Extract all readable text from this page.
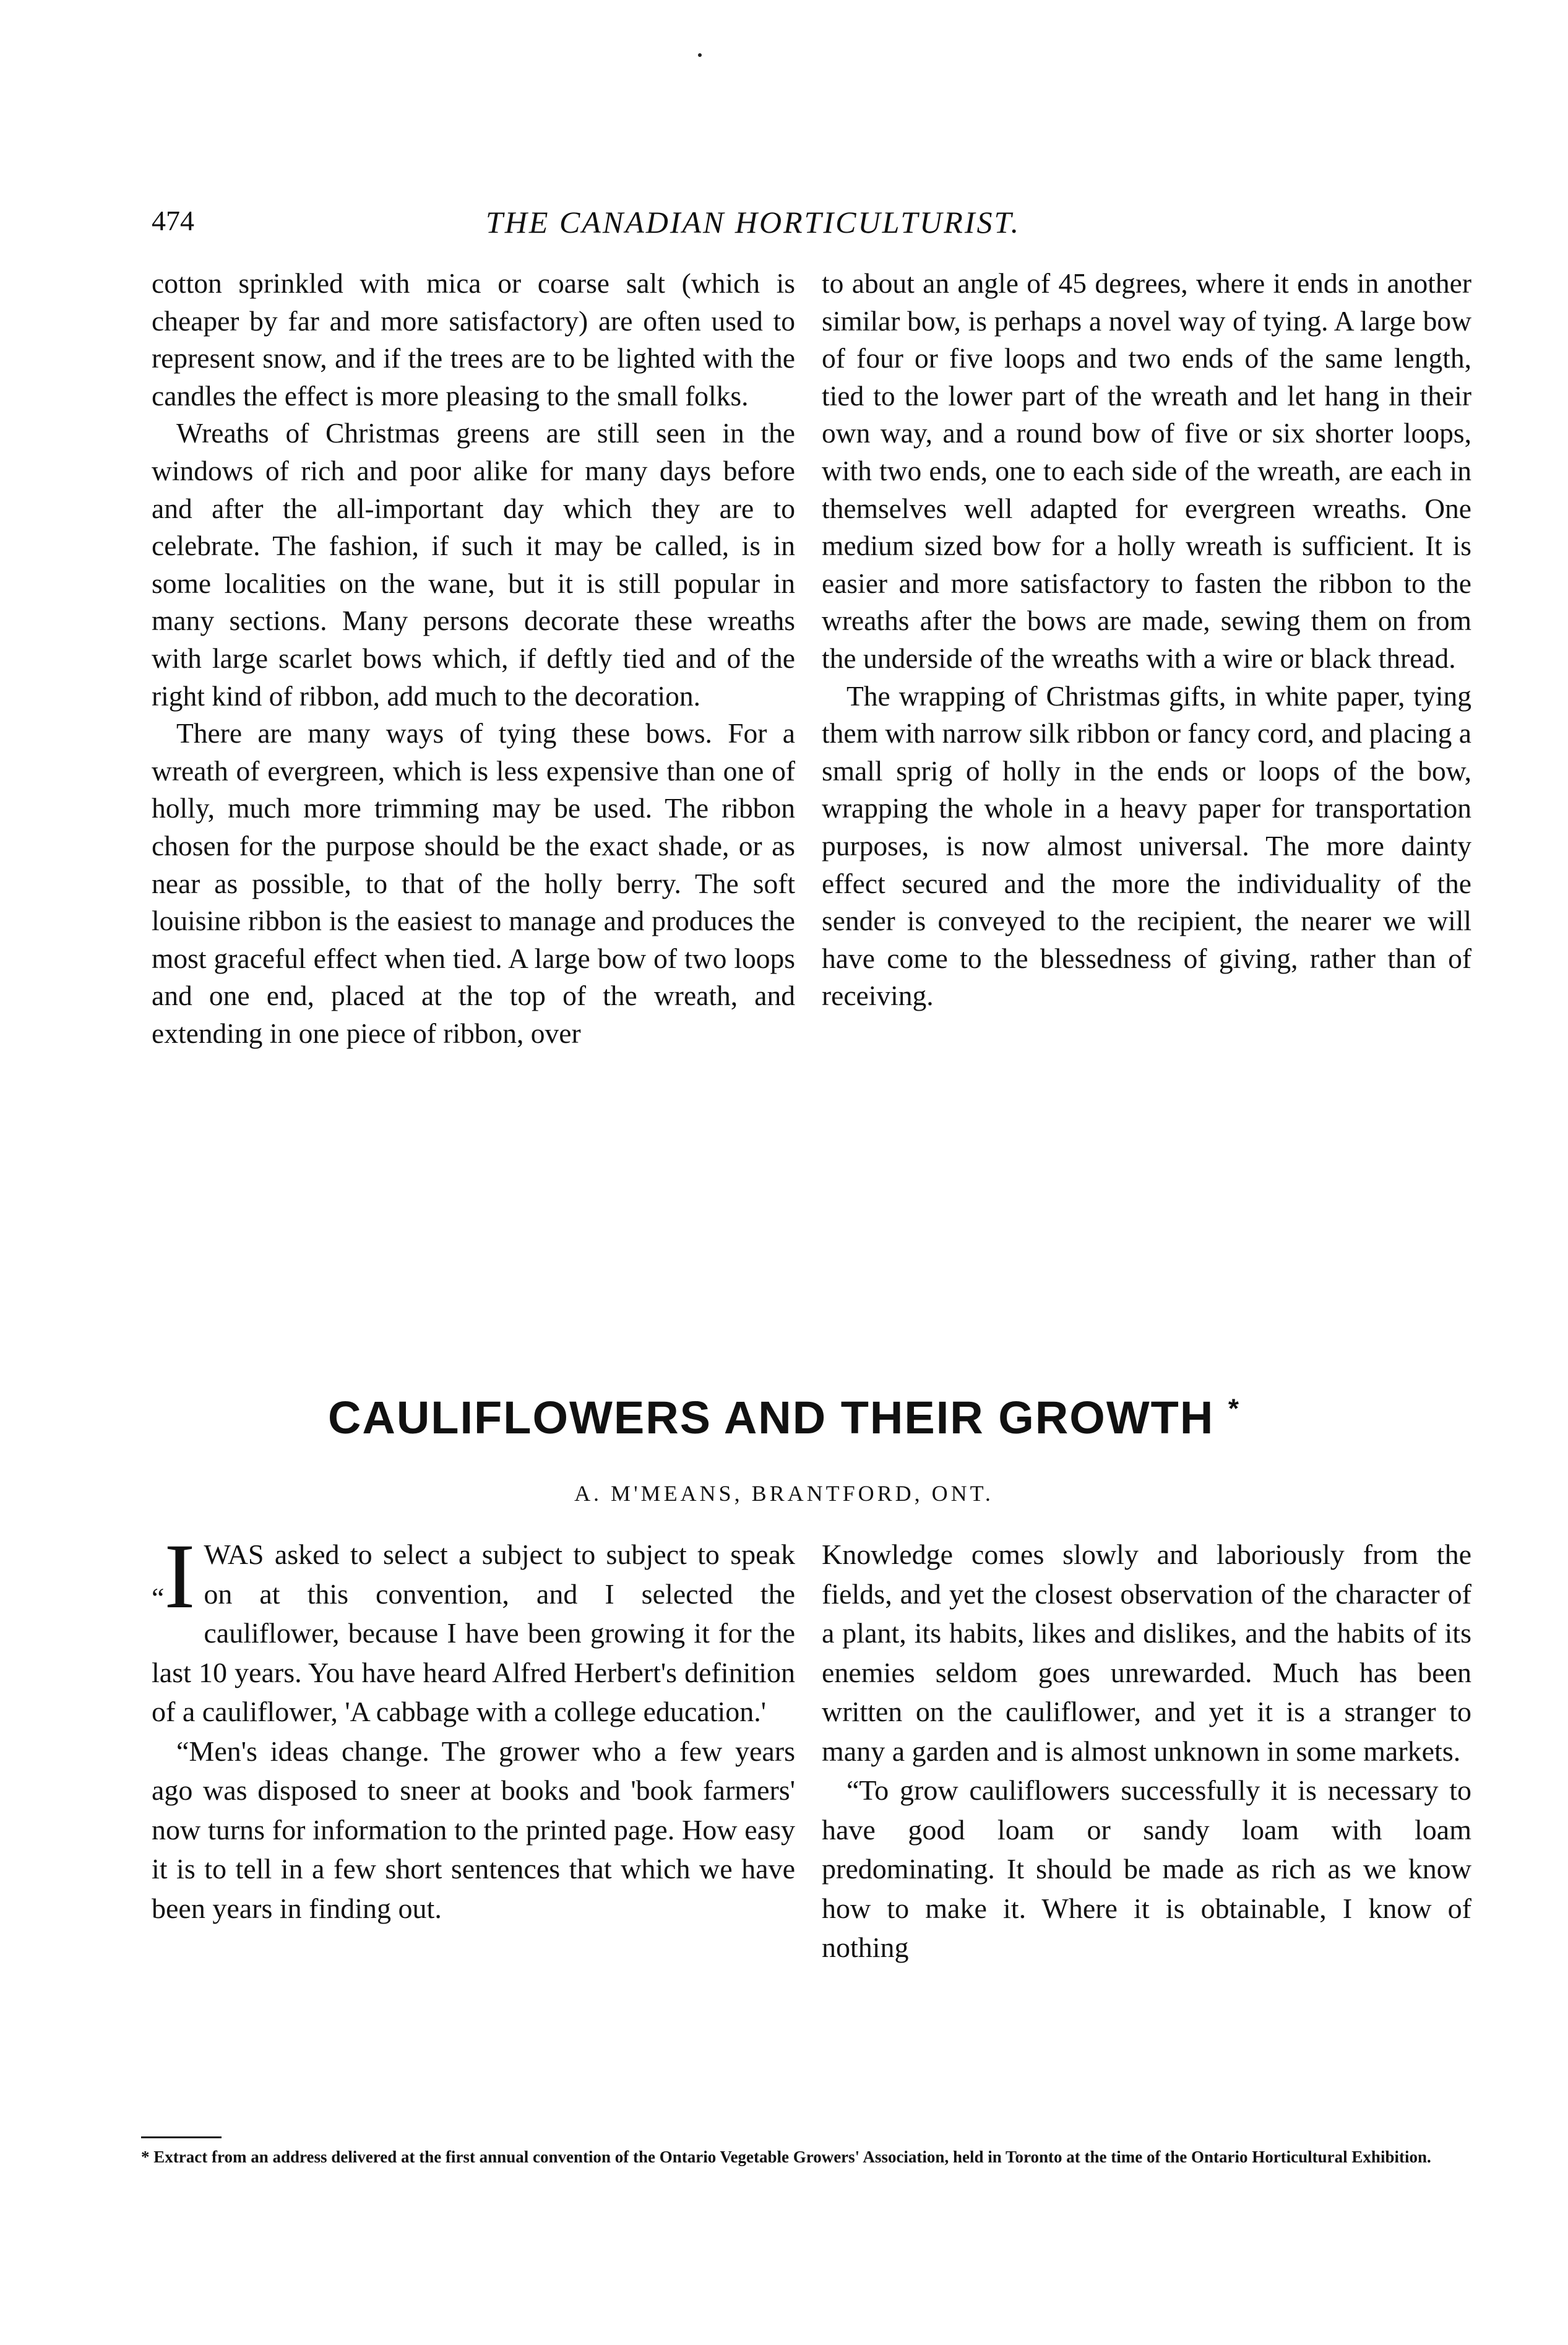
474	THE CANADIAN HORTICULTURIST.

cotton sprinkled with mica or coarse salt (which is cheaper by far and more satisfactory) are often used to represent snow, and if the trees are to be lighted with the candles the effect is more pleasing to the small folks.

Wreaths of Christmas greens are still seen in the windows of rich and poor alike for many days before and after the all-important day which they are to celebrate. The fashion, if such it may be called, is in some localities on the wane, but it is still popular in many sections. Many persons decorate these wreaths with large scarlet bows which, if deftly tied and of the right kind of ribbon, add much to the decoration.

There are many ways of tying these bows. For a wreath of evergreen, which is less expensive than one of holly, much more trimming may be used. The ribbon chosen for the purpose should be the exact shade, or as near as possible, to that of the holly berry. The soft louisine ribbon is the easiest to manage and produces the most graceful effect when tied. A large bow of two loops and one end, placed at the top of the wreath, and extending in one piece of ribbon, over

to about an angle of 45 degrees, where it ends in another similar bow, is perhaps a novel way of tying. A large bow of four or five loops and two ends of the same length, tied to the lower part of the wreath and let hang in their own way, and a round bow of five or six shorter loops, with two ends, one to each side of the wreath, are each in themselves well adapted for evergreen wreaths. One medium sized bow for a holly wreath is sufficient. It is easier and more satisfactory to fasten the ribbon to the wreaths after the bows are made, sewing them on from the underside of the wreaths with a wire or black thread.

The wrapping of Christmas gifts, in white paper, tying them with narrow silk ribbon or fancy cord, and placing a small sprig of holly in the ends or loops of the bow, wrapping the whole in a heavy paper for transportation purposes, is now almost universal. The more dainty effect secured and the more the individuality of the sender is conveyed to the recipient, the nearer we will have come to the blessedness of giving, rather than of receiving.

CAULIFLOWERS AND THEIR GROWTH *
A. M'MEANS, BRANTFORD, ONT.

“I WAS asked to select a subject to subject to speak on at this convention, and I selected the cauliflower, because I have been growing it for the last 10 years. You have heard Alfred Herbert's definition of a cauliflower, 'A cabbage with a college education.'

“Men's ideas change. The grower who a few years ago was disposed to sneer at books and 'book farmers' now turns for information to the printed page. How easy it is to tell in a few short sentences that which we have been years in finding out.

Knowledge comes slowly and laboriously from the fields, and yet the closest observation of the character of a plant, its habits, likes and dislikes, and the habits of its enemies seldom goes unrewarded. Much has been written on the cauliflower, and yet it is a stranger to many a garden and is almost unknown in some markets.

“To grow cauliflowers successfully it is necessary to have good loam or sandy loam with loam predominating. It should be made as rich as we know how to make it. Where it is obtainable, I know of nothing

* Extract from an address delivered at the first annual convention of the Ontario Vegetable Growers' Association, held in Toronto at the time of the Ontario Horticultural Exhibition.
